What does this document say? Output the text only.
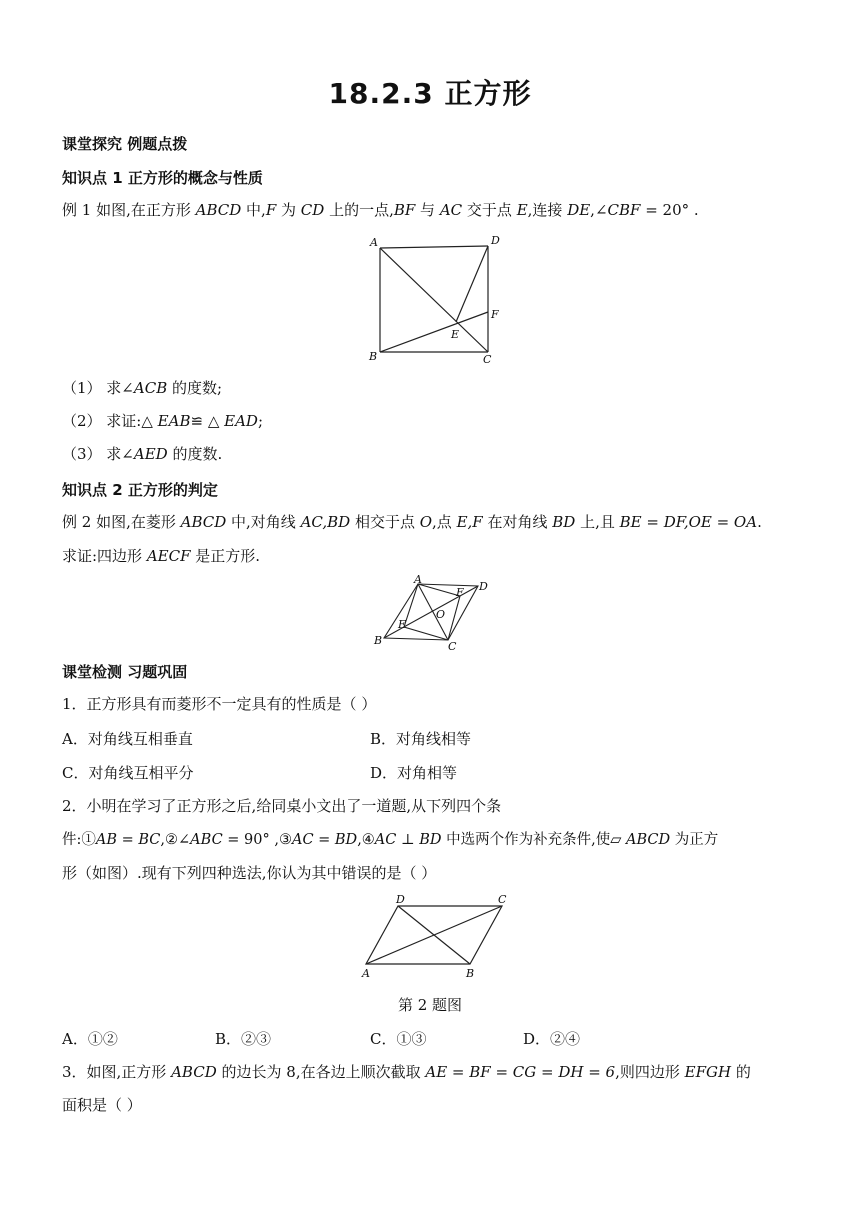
18.2.3 正方形
课堂探究 例题点拨
知识点 1 正方形的概念与性质
例 1 如图,在正方形 ABCD 中,F 为 CD 上的一点,BF 与 AC 交于点 E,连接 DE,∠CBF = 20° .
A	D
B	C
E
F
（1） 求∠ACB 的度数;
（2） 求证:△ EAB≌ △ EAD;
（3） 求∠AED 的度数.
知识点 2 正方形的判定
例 2 如图,在菱形 ABCD 中,对角线 AC,BD 相交于点 O,点 E,F 在对角线 BD 上,且 BE = DF,OE = OA.
求证:四边形 AECF 是正方形.
A
D
B	C
E
F
O
课堂检测 习题巩固
1．正方形具有而菱形不一定具有的性质是（ ）
A．对角线互相垂直	B．对角线相等
C．对角线互相平分	D．对角相等
2．小明在学习了正方形之后,给同桌小文出了一道题,从下列四个条
件:①AB = BC,②∠ABC = 90° ,③AC = BD,④AC ⊥ BD 中选两个作为补充条件,使▱ ABCD 为正方
形（如图）.现有下列四种选法,你认为其中错误的是（ ）
D	C
A	B
第 2 题图
A．①②	B．②③	C．①③	D．②④
3．如图,正方形 ABCD 的边长为 8,在各边上顺次截取 AE = BF = CG = DH = 6,则四边形 EFGH 的
面积是（ ）
